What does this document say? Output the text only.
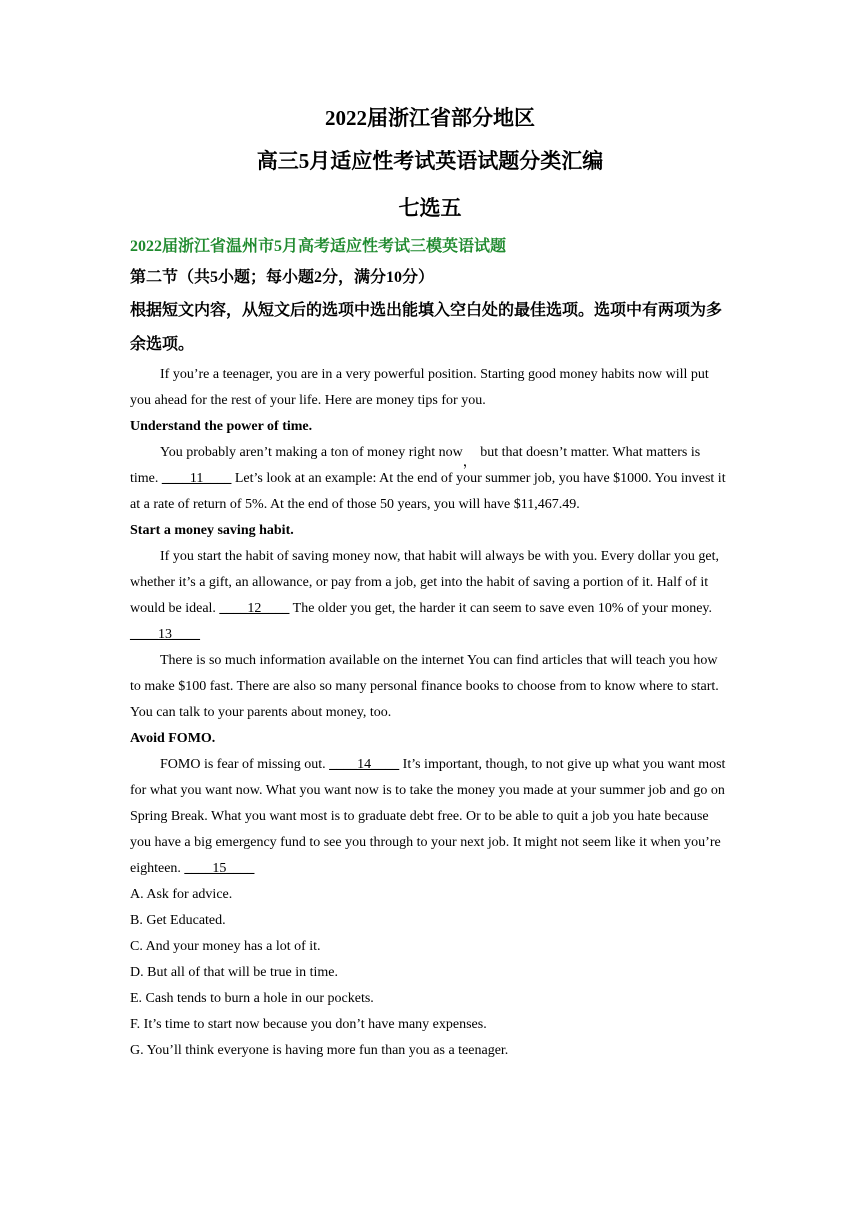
2022届浙江省部分地区

高三5月适应性考试英语试题分类汇编

七选五

2022届浙江省温州市5月高考适应性考试三模英语试题

第二节（共5小题；每小题2分，满分10分）

根据短文内容，从短文后的选项中选出能填入空白处的最佳选项。选项中有两项为多余选项。

If you’re a teenager, you are in a very powerful position. Starting good money habits now will put you ahead for the rest of your life. Here are money tips for you.

Understand the power of time.

You probably aren’t making a ton of money right now， but that doesn’t matter. What matters is time. ____11____ Let’s look at an example: At the end of your summer job, you have $1000. You invest it at a rate of return of 5%. At the end of those 50 years, you will have $11,467.49.

Start a money saving habit.

If you start the habit of saving money now, that habit will always be with you. Every dollar you get, whether it’s a gift, an allowance, or pay from a job, get into the habit of saving a portion of it. Half of it would be ideal. ____12____ The older you get, the harder it can seem to save even 10% of your money.

____13____

There is so much information available on the internet You can find articles that will teach you how to make $100 fast. There are also so many personal finance books to choose from to know where to start. You can talk to your parents about money, too.

Avoid FOMO.

FOMO is fear of missing out. ____14____ It’s important, though, to not give up what you want most for what you want now. What you want now is to take the money you made at your summer job and go on Spring Break. What you want most is to graduate debt free. Or to be able to quit a job you hate because you have a big emergency fund to see you through to your next job. It might not seem like it when you’re eighteen. ____15____

A. Ask for advice.

B. Get Educated.

C. And your money has a lot of it.

D. But all of that will be true in time.

E. Cash tends to burn a hole in our pockets.

F. It’s time to start now because you don’t have many expenses.

G. You’ll think everyone is having more fun than you as a teenager.
